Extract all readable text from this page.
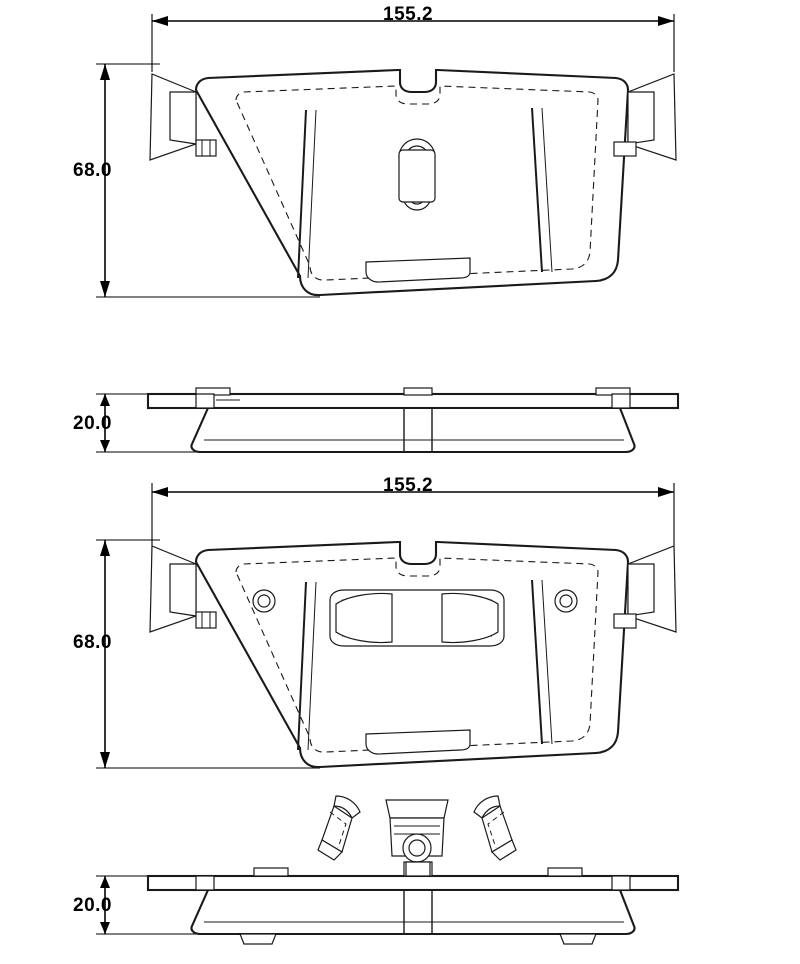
155.2
68.0
20.0
155.2
68.0
20.0
